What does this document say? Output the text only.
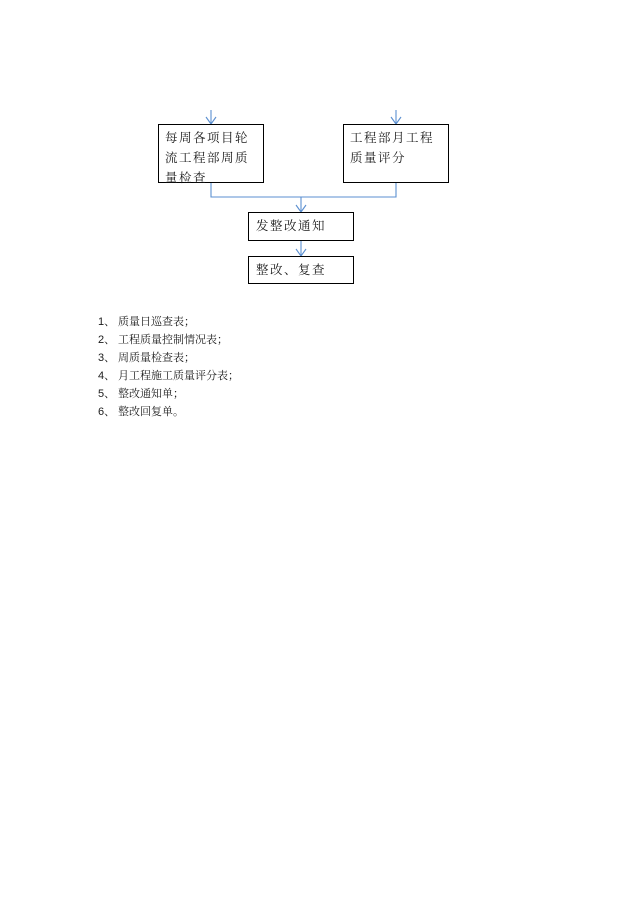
每周各项目轮流工程部周质量检查
工程部月工程质量评分
发整改通知
整改、复查
1、 质量日巡查表；
2、 工程质量控制情况表；
3、 周质量检查表；
4、 月工程施工质量评分表；
5、 整改通知单；
6、 整改回复单。
